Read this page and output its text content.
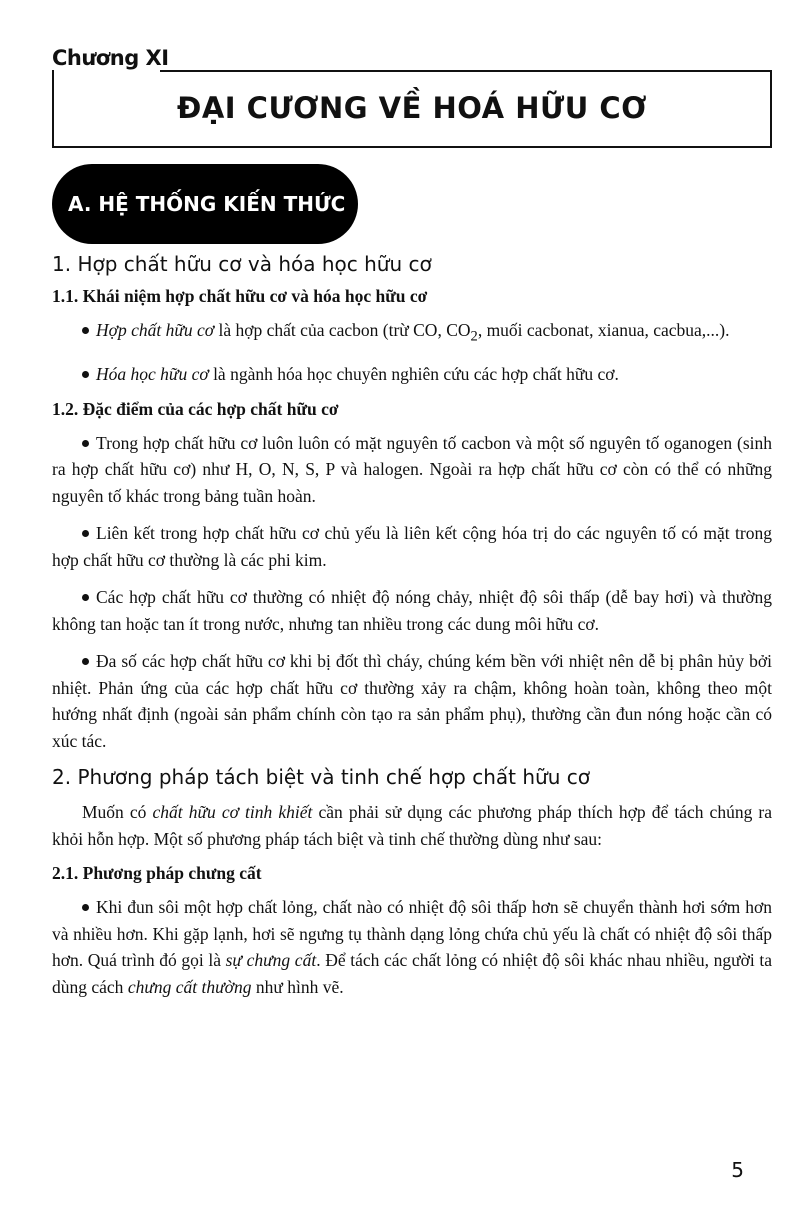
Chương XI
ĐẠI CƯƠNG VỀ HOÁ HỮU CƠ
A. HỆ THỐNG KIẾN THỨC
1. Hợp chất hữu cơ và hóa học hữu cơ
1.1. Khái niệm hợp chất hữu cơ và hóa học hữu cơ

Hợp chất hữu cơ là hợp chất của cacbon (trừ CO, $CO_2$, muối cacbonat, xianua, cacbua,...).

Hóa học hữu cơ là ngành hóa học chuyên nghiên cứu các hợp chất hữu cơ.

1.2. Đặc điểm của các hợp chất hữu cơ

Trong hợp chất hữu cơ luôn luôn có mặt nguyên tố cacbon và một số nguyên tố oganogen (sinh ra hợp chất hữu cơ) như H, O, N, S, P và halogen. Ngoài ra hợp chất hữu cơ còn có thể có những nguyên tố khác trong bảng tuần hoàn.

Liên kết trong hợp chất hữu cơ chủ yếu là liên kết cộng hóa trị do các nguyên tố có mặt trong hợp chất hữu cơ thường là các phi kim.

Các hợp chất hữu cơ thường có nhiệt độ nóng chảy, nhiệt độ sôi thấp (dễ bay hơi) và thường không tan hoặc tan ít trong nước, nhưng tan nhiều trong các dung môi hữu cơ.

Đa số các hợp chất hữu cơ khi bị đốt thì cháy, chúng kém bền với nhiệt nên dễ bị phân hủy bởi nhiệt. Phản ứng của các hợp chất hữu cơ thường xảy ra chậm, không hoàn toàn, không theo một hướng nhất định (ngoài sản phẩm chính còn tạo ra sản phẩm phụ), thường cần đun nóng hoặc cần có xúc tác.

2. Phương pháp tách biệt và tinh chế hợp chất hữu cơ

Muốn có chất hữu cơ tinh khiết cần phải sử dụng các phương pháp thích hợp để tách chúng ra khỏi hỗn hợp. Một số phương pháp tách biệt và tinh chế thường dùng như sau:

2.1. Phương pháp chưng cất

Khi đun sôi một hợp chất lỏng, chất nào có nhiệt độ sôi thấp hơn sẽ chuyển thành hơi sớm hơn và nhiều hơn. Khi gặp lạnh, hơi sẽ ngưng tụ thành dạng lỏng chứa chủ yếu là chất có nhiệt độ sôi thấp hơn. Quá trình đó gọi là sự chưng cất. Để tách các chất lỏng có nhiệt độ sôi khác nhau nhiều, người ta dùng cách chưng cất thường như hình vẽ.

5
